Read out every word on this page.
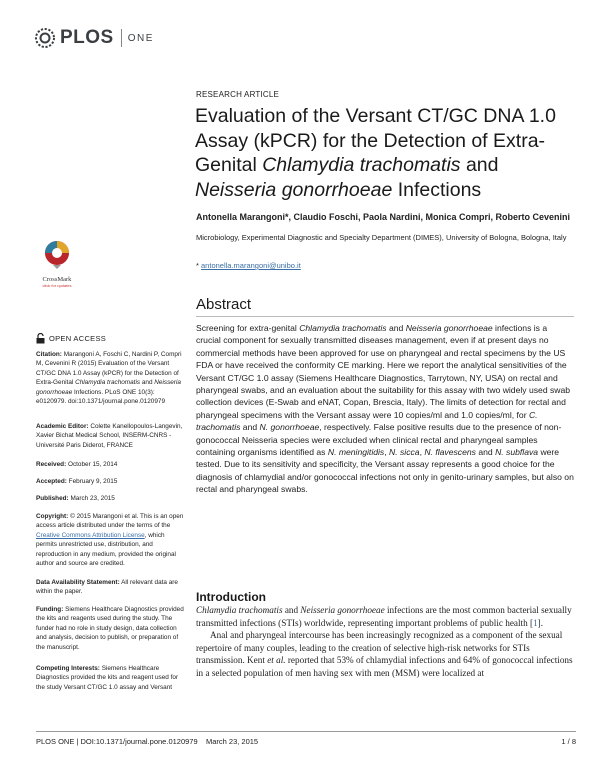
PLOS ONE
RESEARCH ARTICLE
Evaluation of the Versant CT/GC DNA 1.0 Assay (kPCR) for the Detection of Extra-Genital Chlamydia trachomatis and Neisseria gonorrhoeae Infections
Antonella Marangoni*, Claudio Foschi, Paola Nardini, Monica Compri, Roberto Cevenini
Microbiology, Experimental Diagnostic and Specialty Department (DIMES), University of Bologna, Bologna, Italy
* antonella.marangoni@unibo.it
CrossMark
click for updates
Abstract
Screening for extra-genital Chlamydia trachomatis and Neisseria gonorrhoeae infections is a crucial component for sexually transmitted diseases management, even if at present days no commercial methods have been approved for use on pharyngeal and rectal specimens by the US FDA or have received the conformity CE marking. Here we report the analytical sensitivities of the Versant CT/GC 1.0 assay (Siemens Healthcare Diagnostics, Tarrytown, NY, USA) on rectal and pharyngeal swabs, and an evaluation about the suitability for this assay with two widely used swab collection devices (E-Swab and eNAT, Copan, Brescia, Italy). The limits of detection for rectal and pharyngeal specimens with the Versant assay were 10 copies/ml and 1.0 copies/ml, for C. trachomatis and N. gonorrhoeae, respectively. False positive results due to the presence of non-gonococcal Neisseria species were excluded when clinical rectal and pharyngeal samples containing organisms identified as N. meningitidis, N. sicca, N. flavescens and N. subflava were tested. Due to its sensitivity and specificity, the Versant assay represents a good choice for the diagnosis of chlamydial and/or gonococcal infections not only in genito-urinary samples, but also on rectal and pharyngeal swabs.
OPEN ACCESS
Citation: Marangoni A, Foschi C, Nardini P, Compri M, Cevenini R (2015) Evaluation of the Versant CT/GC DNA 1.0 Assay (kPCR) for the Detection of Extra-Genital Chlamydia trachomatis and Neisseria gonorrhoeae Infections. PLoS ONE 10(3): e0120979. doi:10.1371/journal.pone.0120979
Academic Editor: Colette Kanellopoulos-Langevin, Xavier Bichat Medical School, INSERM-CNRS - Université Paris Diderot, FRANCE
Received: October 15, 2014
Accepted: February 9, 2015
Published: March 23, 2015
Copyright: © 2015 Marangoni et al. This is an open access article distributed under the terms of the Creative Commons Attribution License, which permits unrestricted use, distribution, and reproduction in any medium, provided the original author and source are credited.
Data Availability Statement: All relevant data are within the paper.
Funding: Siemens Healthcare Diagnostics provided the kits and reagents used during the study. The funder had no role in study design, data collection and analysis, decision to publish, or preparation of the manuscript.
Competing Interests: Siemens Healthcare Diagnostics provided the kits and reagent used for the study Versant CT/GC 1.0 assay and Versant
Introduction

Chlamydia trachomatis and Neisseria gonorrhoeae infections are the most common bacterial sexually transmitted infections (STIs) worldwide, representing important problems of public health [1].

Anal and pharyngeal intercourse has been increasingly recognized as a component of the sexual repertoire of many couples, leading to the creation of selective high-risk networks for STIs transmission. Kent et al. reported that 53% of chlamydial infections and 64% of gonococcal infections in a selected population of men having sex with men (MSM) were localized at

PLOS ONE | DOI:10.1371/journal.pone.0120979 March 23, 2015	1 / 8
